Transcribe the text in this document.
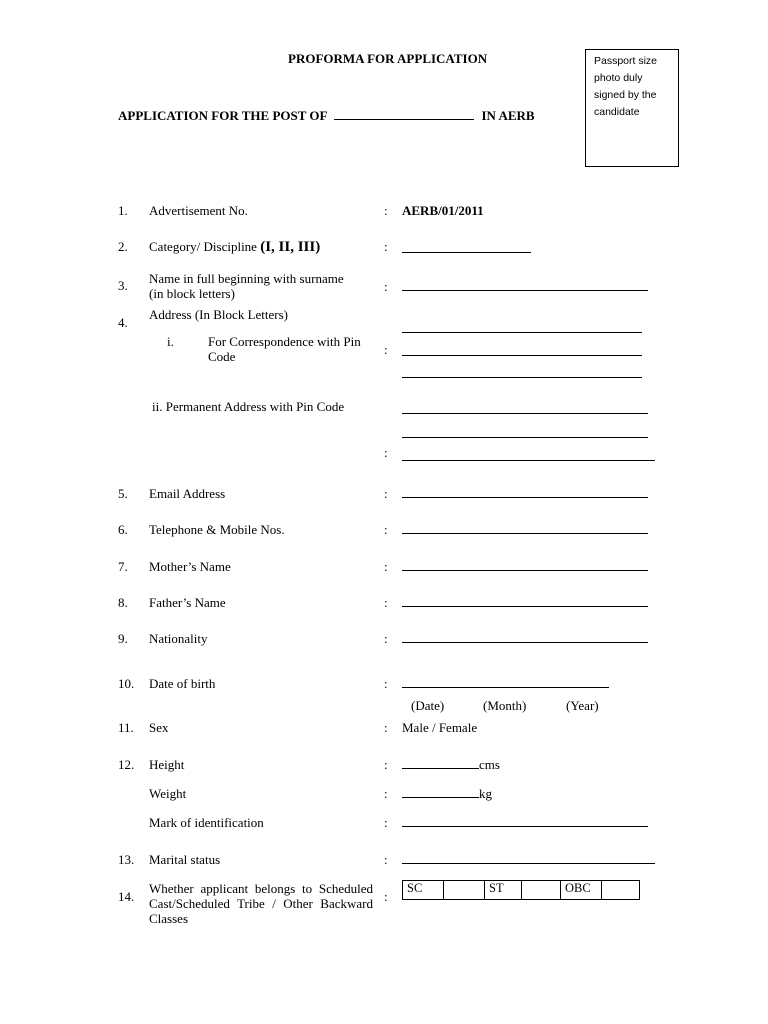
PROFORMA FOR APPLICATION
APPLICATION FOR THE POST OF	IN AERB
Passport size photo duly signed by the candidate
1. Advertisement No.	: AERB/01/2011
2. Category/ Discipline (I, II, III)	:
3. Name in full beginning with surname
(in block letters)	:
4.
Address (In Block Letters)
i.	For Correspondence with Pin
Code	:
ii. Permanent Address with Pin Code
:
5. Email Address	:
6. Telephone & Mobile Nos.	:
7. Mother’s Name	:
8. Father’s Name	:
9. Nationality	:
10. Date of birth	:
(Date)	(Month)	(Year)
11. Sex	: Male / Female
12. Height	:	cms
Weight	:	kg
Mark of identification	:
13. Marital status	:
14.
Whether applicant belongs to Scheduled
Cast/Scheduled Tribe / Other Backward
Classes
:
SC		ST		OBC	
